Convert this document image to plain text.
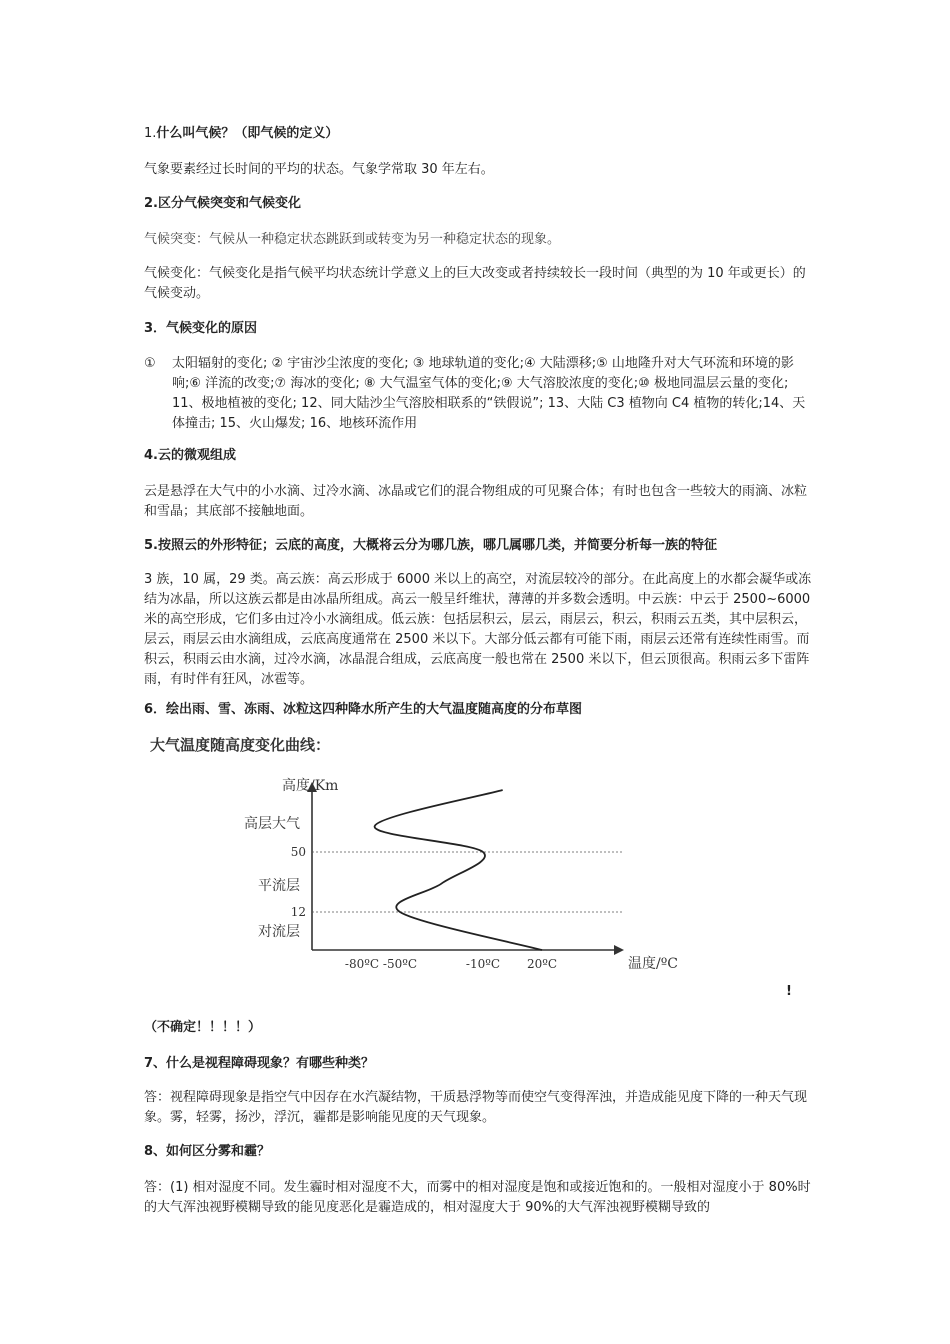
1.什么叫气候？（即气候的定义）
气象要素经过长时间的平均的状态。气象学常取 30 年左右。
2.区分气候突变和气候变化
气候突变：气候从一种稳定状态跳跃到或转变为另一种稳定状态的现象。
气候变化：气候变化是指气候平均状态统计学意义上的巨大改变或者持续较长一段时间（典型的为 10 年或更长）的气候变动。
3．气候变化的原因
①	太阳辐射的变化; ② 宇宙沙尘浓度的变化; ③ 地球轨道的变化;④ 大陆漂移;⑤ 山地隆升对大气环流和环境的影响;⑥ 洋流的改变;⑦ 海冰的变化; ⑧ 大气温室气体的变化;⑨ 大气溶胶浓度的变化;⑩ 极地同温层云量的变化; 11、极地植被的变化; 12、同大陆沙尘气溶胶相联系的“铁假说”; 13、大陆 C3 植物向 C4 植物的转化;14、天体撞击; 15、火山爆发; 16、地核环流作用
4.云的微观组成
云是悬浮在大气中的小水滴、过冷水滴、冰晶或它们的混合物组成的可见聚合体；有时也包含一些较大的雨滴、冰粒和雪晶；其底部不接触地面。
5.按照云的外形特征；云底的高度，大概将云分为哪几族，哪几属哪几类，并简要分析每一族的特征
3 族，10 属，29 类。高云族：高云形成于 6000 米以上的高空，对流层较冷的部分。在此高度上的水都会凝华或冻结为冰晶，所以这族云都是由冰晶所组成。高云一般呈纤维状，薄薄的并多数会透明。中云族：中云于 2500~6000 米的高空形成，它们多由过冷小水滴组成。低云族：包括层积云，层云，雨层云，积云，积雨云五类，其中层积云，层云，雨层云由水滴组成，云底高度通常在 2500 米以下。大部分低云都有可能下雨，雨层云还常有连续性雨雪。而积云，积雨云由水滴，过冷水滴，冰晶混合组成，云底高度一般也常在 2500 米以下，但云顶很高。积雨云多下雷阵雨，有时伴有狂风，冰雹等。
6．绘出雨、雪、冻雨、冰粒这四种降水所产生的大气温度随高度的分布草图
大气温度随高度变化曲线：
高度/Km
高层大气
平流层
对流层
50
12
-80ºC -50ºC	-10ºC 20ºC	温度/ºC
!
（不确定！！！！）
7、什么是视程障碍现象？有哪些种类？
答：视程障碍现象是指空气中因存在水汽凝结物，干质悬浮物等而使空气变得浑浊，并造成能见度下降的一种天气现象。雾，轻雾，扬沙，浮沉，霾都是影响能见度的天气现象。
8、如何区分雾和霾？
答：(1) 相对湿度不同。发生霾时相对湿度不大，而雾中的相对湿度是饱和或接近饱和的。一般相对湿度小于 80%时的大气浑浊视野模糊导致的能见度恶化是霾造成的，相对湿度大于 90%的大气浑浊视野模糊导致的
